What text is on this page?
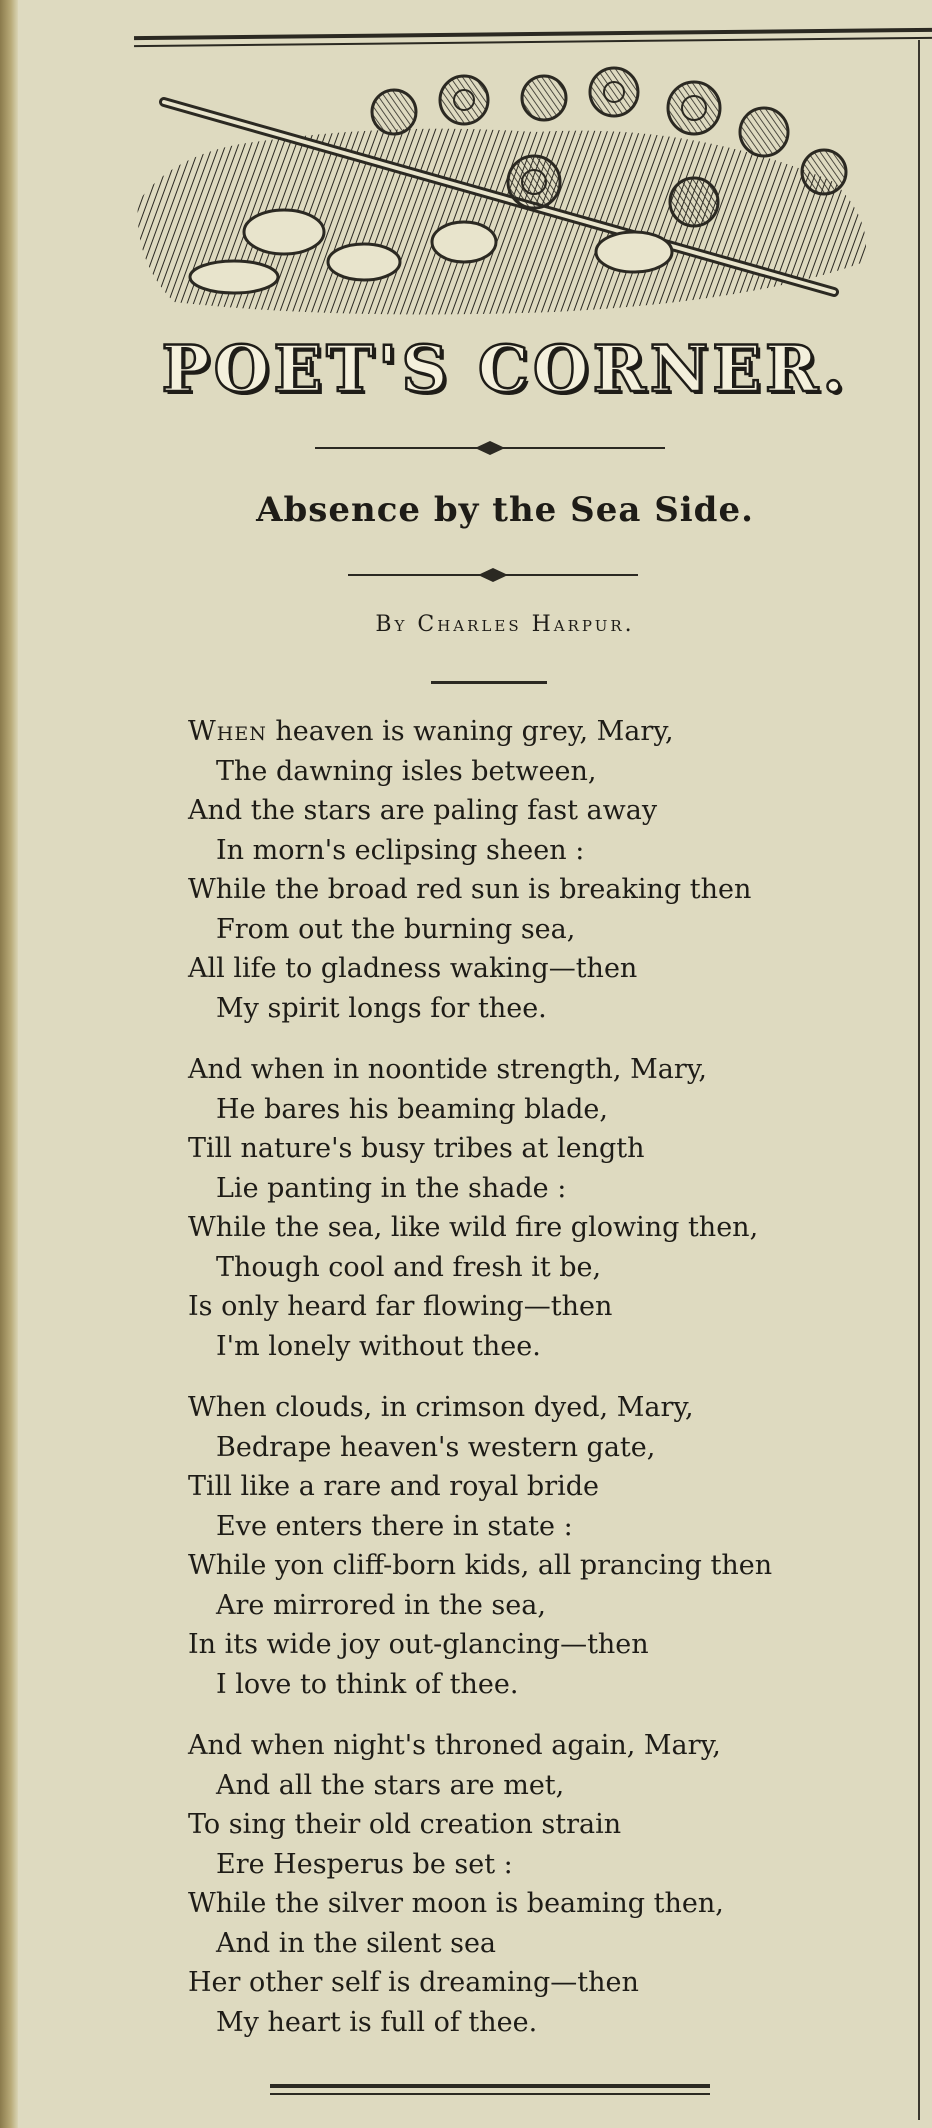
POET'S CORNER.
Absence by the Sea Side.
By Charles Harpur.
When heaven is waning grey, Mary,
The dawning isles between,
And the stars are paling fast away
In morn's eclipsing sheen :
While the broad red sun is breaking then
From out the burning sea,
All life to gladness waking—then
My spirit longs for thee.
And when in noontide strength, Mary,
He bares his beaming blade,
Till nature's busy tribes at length
Lie panting in the shade :
While the sea, like wild fire glowing then,
Though cool and fresh it be,
Is only heard far flowing—then
I'm lonely without thee.
When clouds, in crimson dyed, Mary,
Bedrape heaven's western gate,
Till like a rare and royal bride
Eve enters there in state :
While yon cliff-born kids, all prancing then
Are mirrored in the sea,
In its wide joy out-glancing—then
I love to think of thee.
And when night's throned again, Mary,
And all the stars are met,
To sing their old creation strain
Ere Hesperus be set :
While the silver moon is beaming then,
And in the silent sea
Her other self is dreaming—then
My heart is full of thee.
